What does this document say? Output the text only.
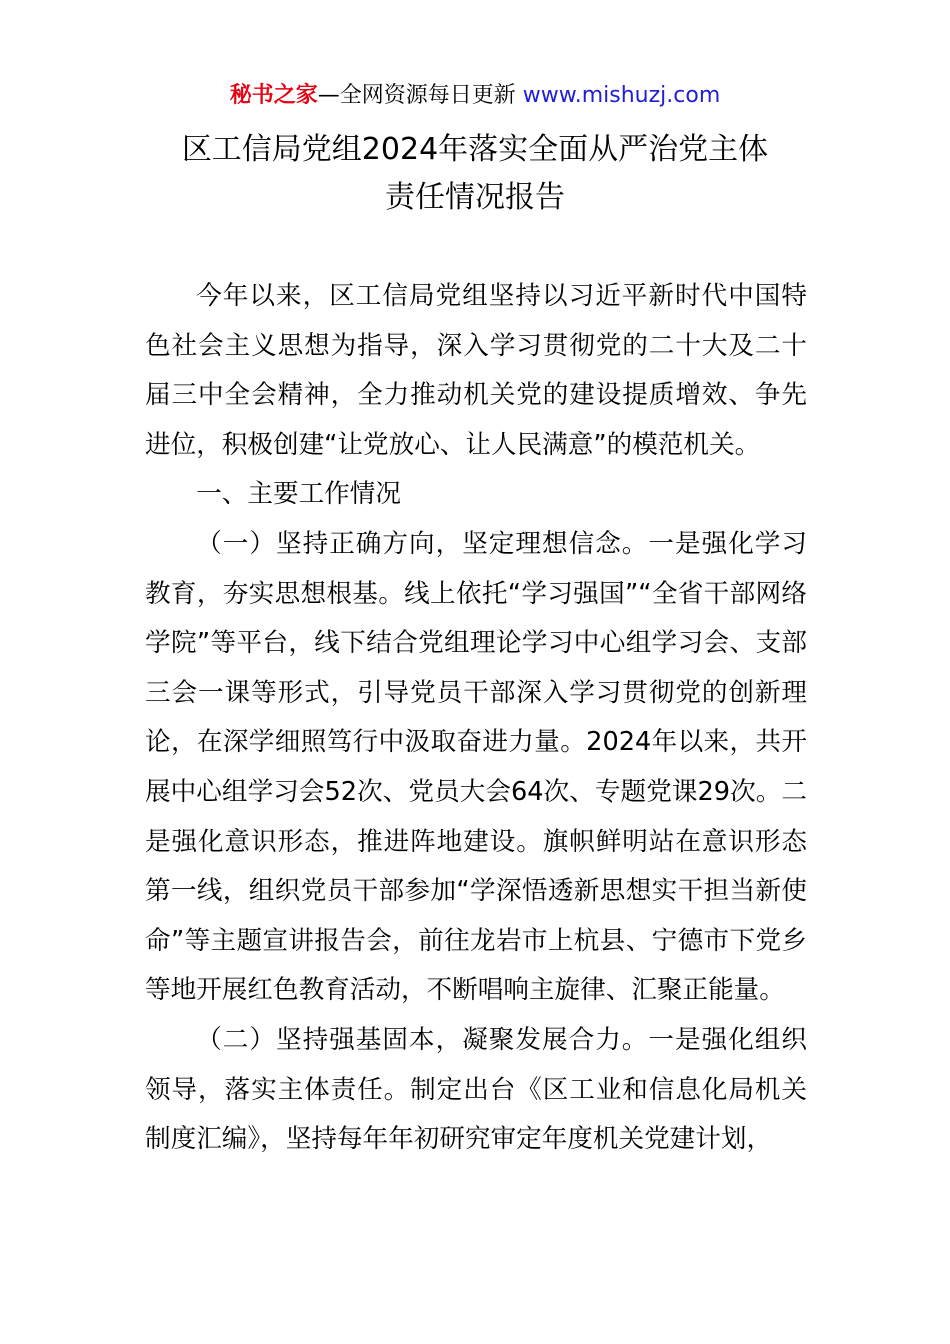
秘书之家—全网资源每日更新 www.mishuzj.com
区工信局党组2024年落实全面从严治党主体
责任情况报告

今年以来，区工信局党组坚持以习近平新时代中国特色社会主义思想为指导，深入学习贯彻党的二十大及二十届三中全会精神，全力推动机关党的建设提质增效、争先进位，积极创建“让党放心、让人民满意”的模范机关。

一、主要工作情况

（一）坚持正确方向，坚定理想信念。一是强化学习教育，夯实思想根基。线上依托“学习强国”“全省干部网络学院”等平台，线下结合党组理论学习中心组学习会、支部三会一课等形式，引导党员干部深入学习贯彻党的创新理论，在深学细照笃行中汲取奋进力量。2024年以来，共开展中心组学习会52次、党员大会64次、专题党课29次。二是强化意识形态，推进阵地建设。旗帜鲜明站在意识形态第一线，组织党员干部参加“学深悟透新思想实干担当新使命”等主题宣讲报告会，前往龙岩市上杭县、宁德市下党乡等地开展红色教育活动，不断唱响主旋律、汇聚正能量。

（二）坚持强基固本，凝聚发展合力。一是强化组织领导，落实主体责任。制定出台《区工业和信息化局机关制度汇编》，坚持每年年初研究审定年度机关党建计划，
